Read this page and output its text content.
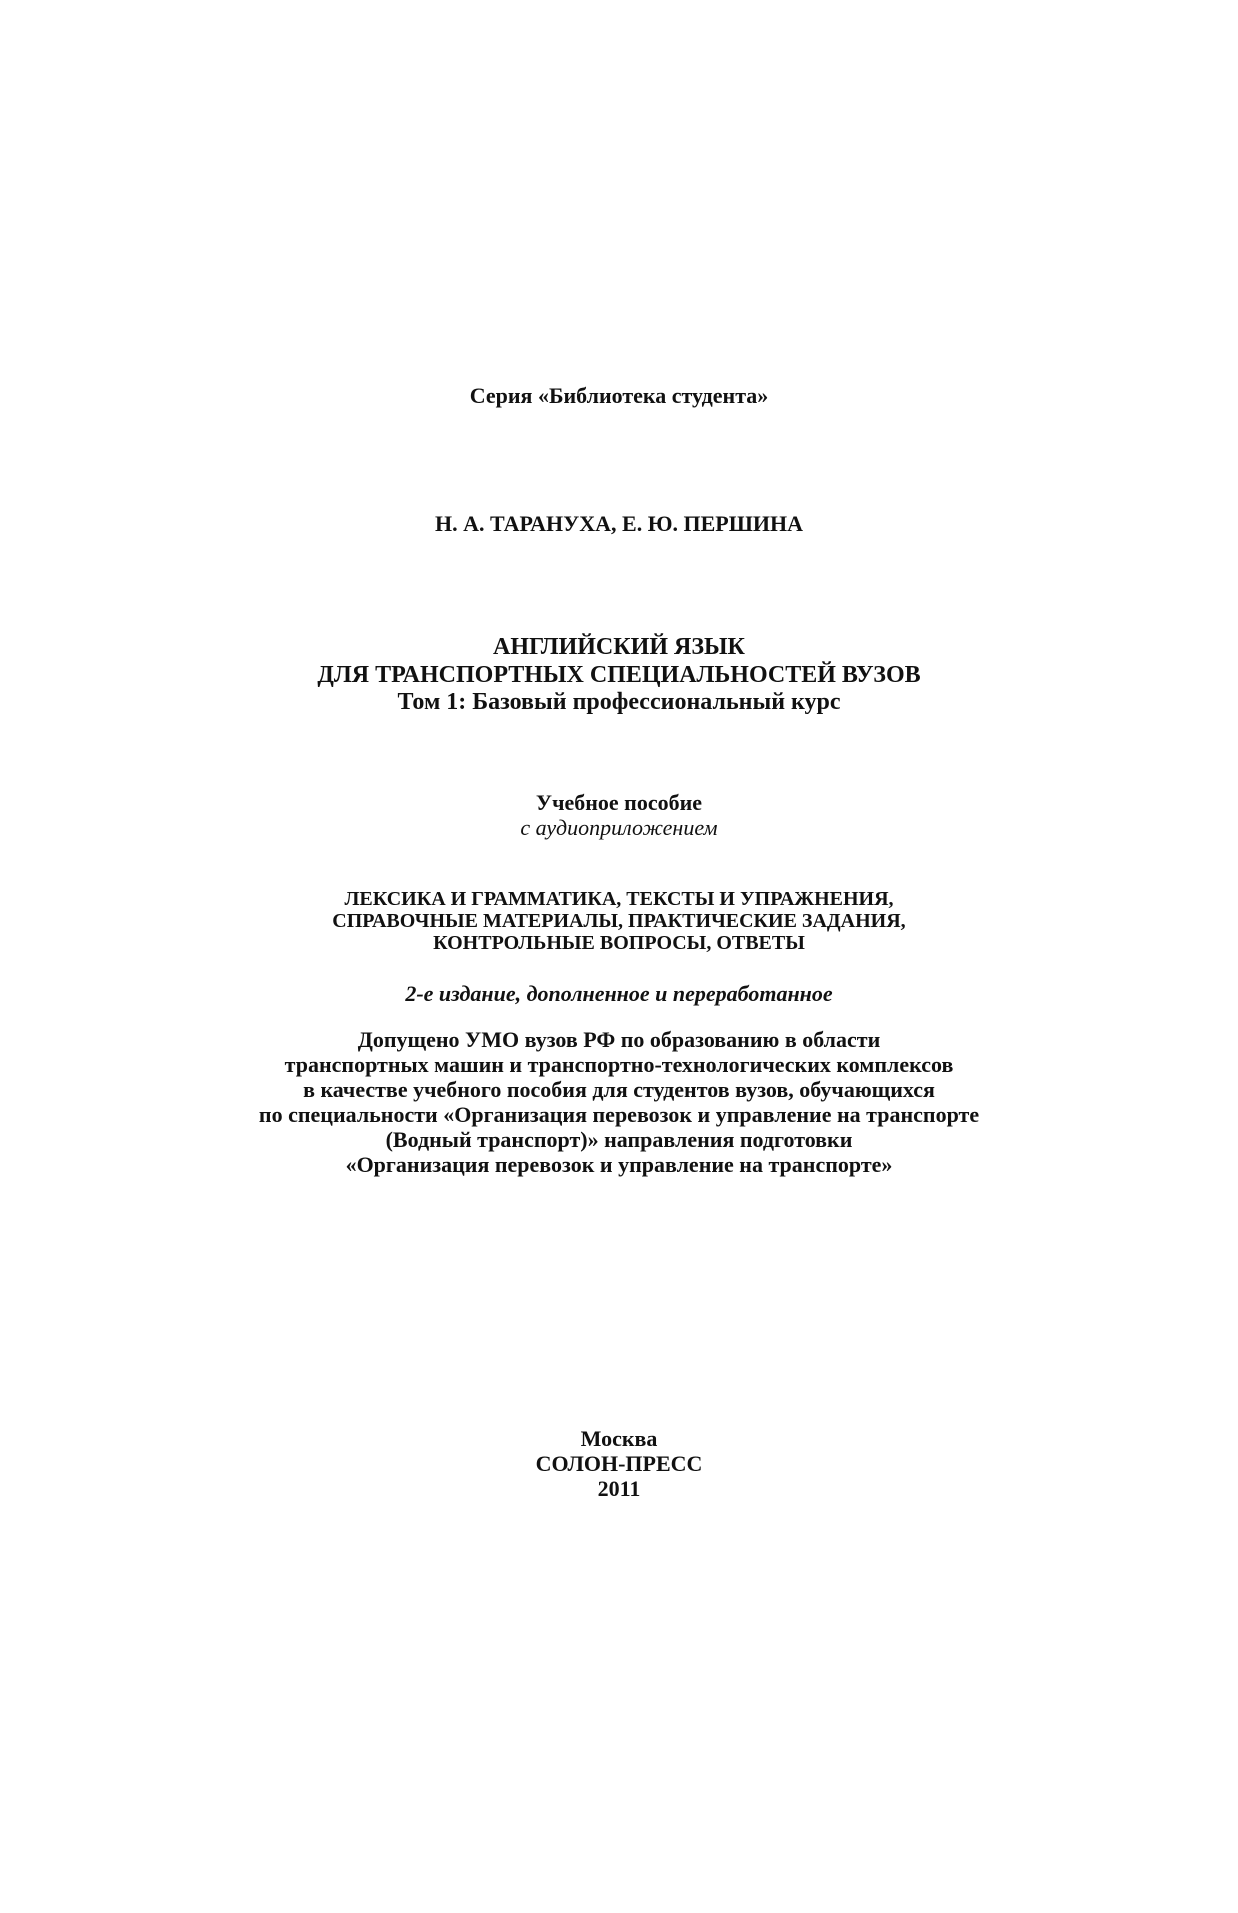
Серия «Библиотека студента»
Н. А. ТАРАНУХА, Е. Ю. ПЕРШИНА
АНГЛИЙСКИЙ ЯЗЫК
ДЛЯ ТРАНСПОРТНЫХ СПЕЦИАЛЬНОСТЕЙ ВУЗОВ
Том 1: Базовый профессиональный курс
Учебное пособие
с аудиоприложением
ЛЕКСИКА И ГРАММАТИКА, ТЕКСТЫ И УПРАЖНЕНИЯ,
СПРАВОЧНЫЕ МАТЕРИАЛЫ, ПРАКТИЧЕСКИЕ ЗАДАНИЯ,
КОНТРОЛЬНЫЕ ВОПРОСЫ, ОТВЕТЫ
2-е издание, дополненное и переработанное
Допущено УМО вузов РФ по образованию в области
транспортных машин и транспортно-технологических комплексов
в качестве учебного пособия для студентов вузов, обучающихся
по специальности «Организация перевозок и управление на транспорте
(Водный транспорт)» направления подготовки
«Организация перевозок и управление на транспорте»
Москва
СОЛОН-ПРЕСС
2011
